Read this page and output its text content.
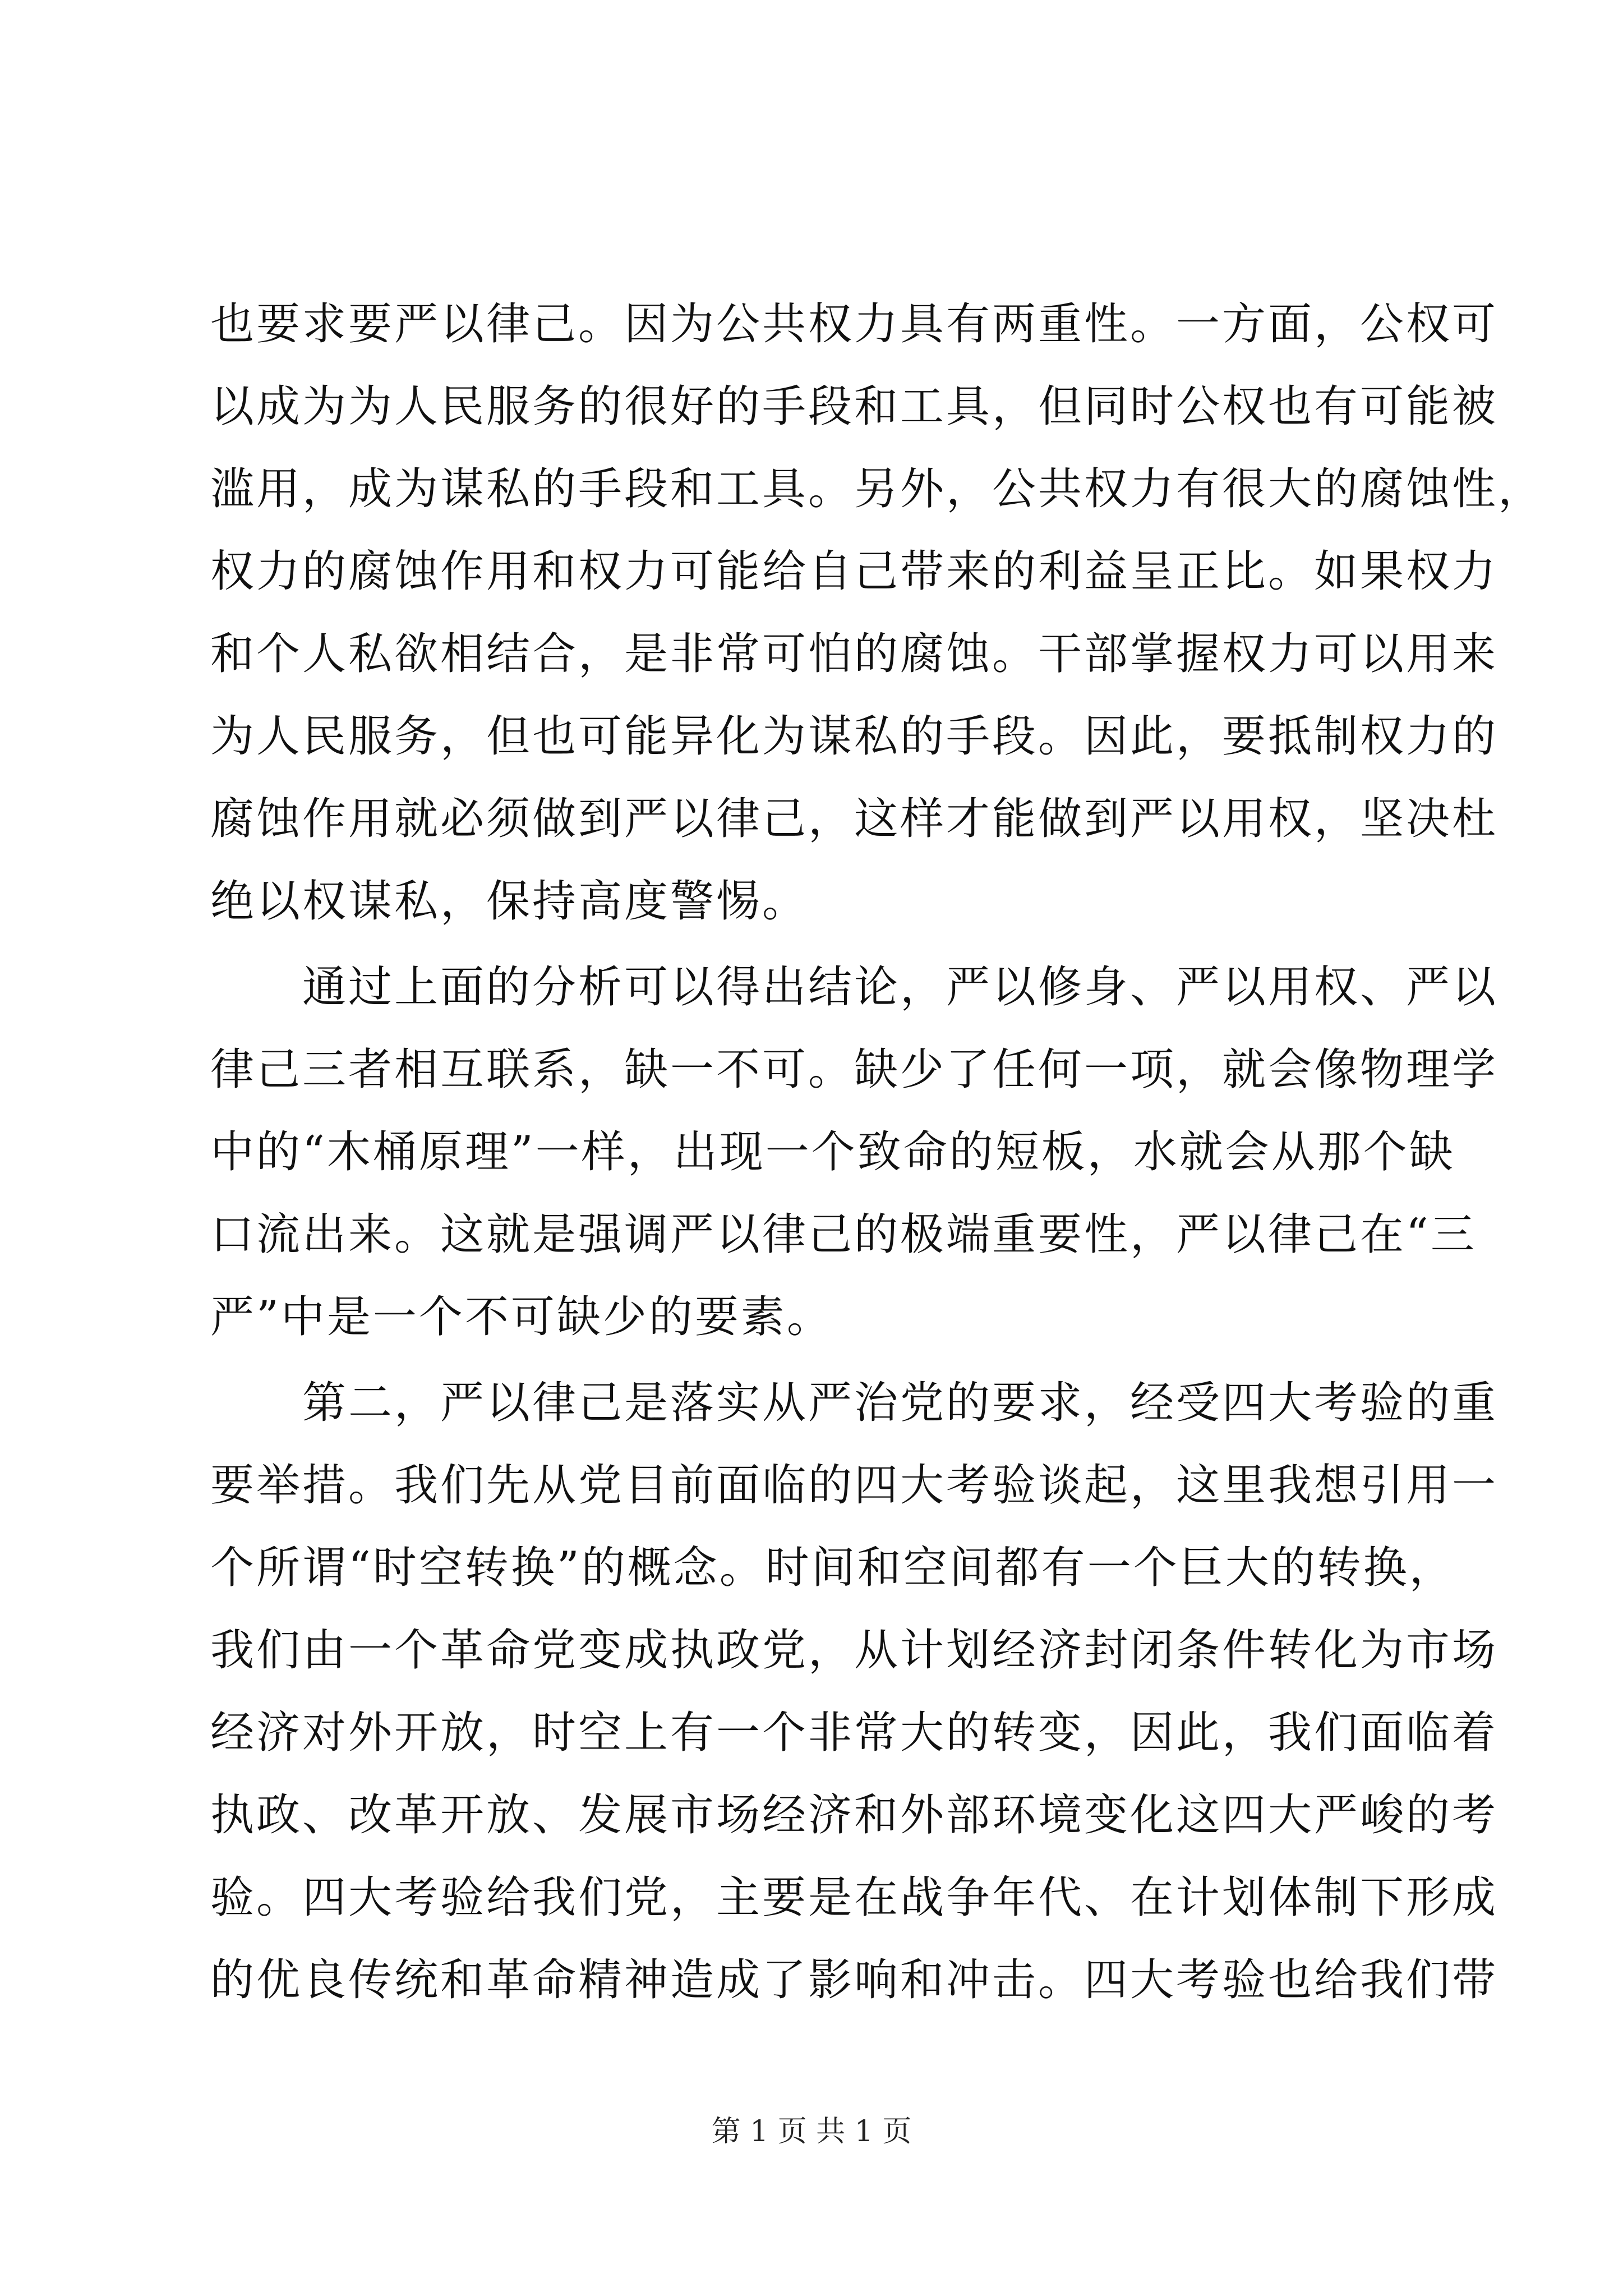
也要求要严以律己。因为公共权力具有两重性。一方面，公权可
以成为为人民服务的很好的手段和工具，但同时公权也有可能被
滥用，成为谋私的手段和工具。另外，公共权力有很大的腐蚀性，
权力的腐蚀作用和权力可能给自己带来的利益呈正比。如果权力
和个人私欲相结合，是非常可怕的腐蚀。干部掌握权力可以用来
为人民服务，但也可能异化为谋私的手段。因此，要抵制权力的
腐蚀作用就必须做到严以律己，这样才能做到严以用权，坚决杜
绝以权谋私，保持高度警惕。
　　通过上面的分析可以得出结论，严以修身、严以用权、严以
律己三者相互联系，缺一不可。缺少了任何一项，就会像物理学
中的“木桶原理”一样，出现一个致命的短板，水就会从那个缺
口流出来。这就是强调严以律己的极端重要性，严以律己在“三
严”中是一个不可缺少的要素。
　　第二，严以律己是落实从严治党的要求，经受四大考验的重
要举措。我们先从党目前面临的四大考验谈起，这里我想引用一
个所谓“时空转换”的概念。时间和空间都有一个巨大的转换，
我们由一个革命党变成执政党，从计划经济封闭条件转化为市场
经济对外开放，时空上有一个非常大的转变，因此，我们面临着
执政、改革开放、发展市场经济和外部环境变化这四大严峻的考
验。四大考验给我们党，主要是在战争年代、在计划体制下形成
的优良传统和革命精神造成了影响和冲击。四大考验也给我们带
第 1 页 共 1 页
